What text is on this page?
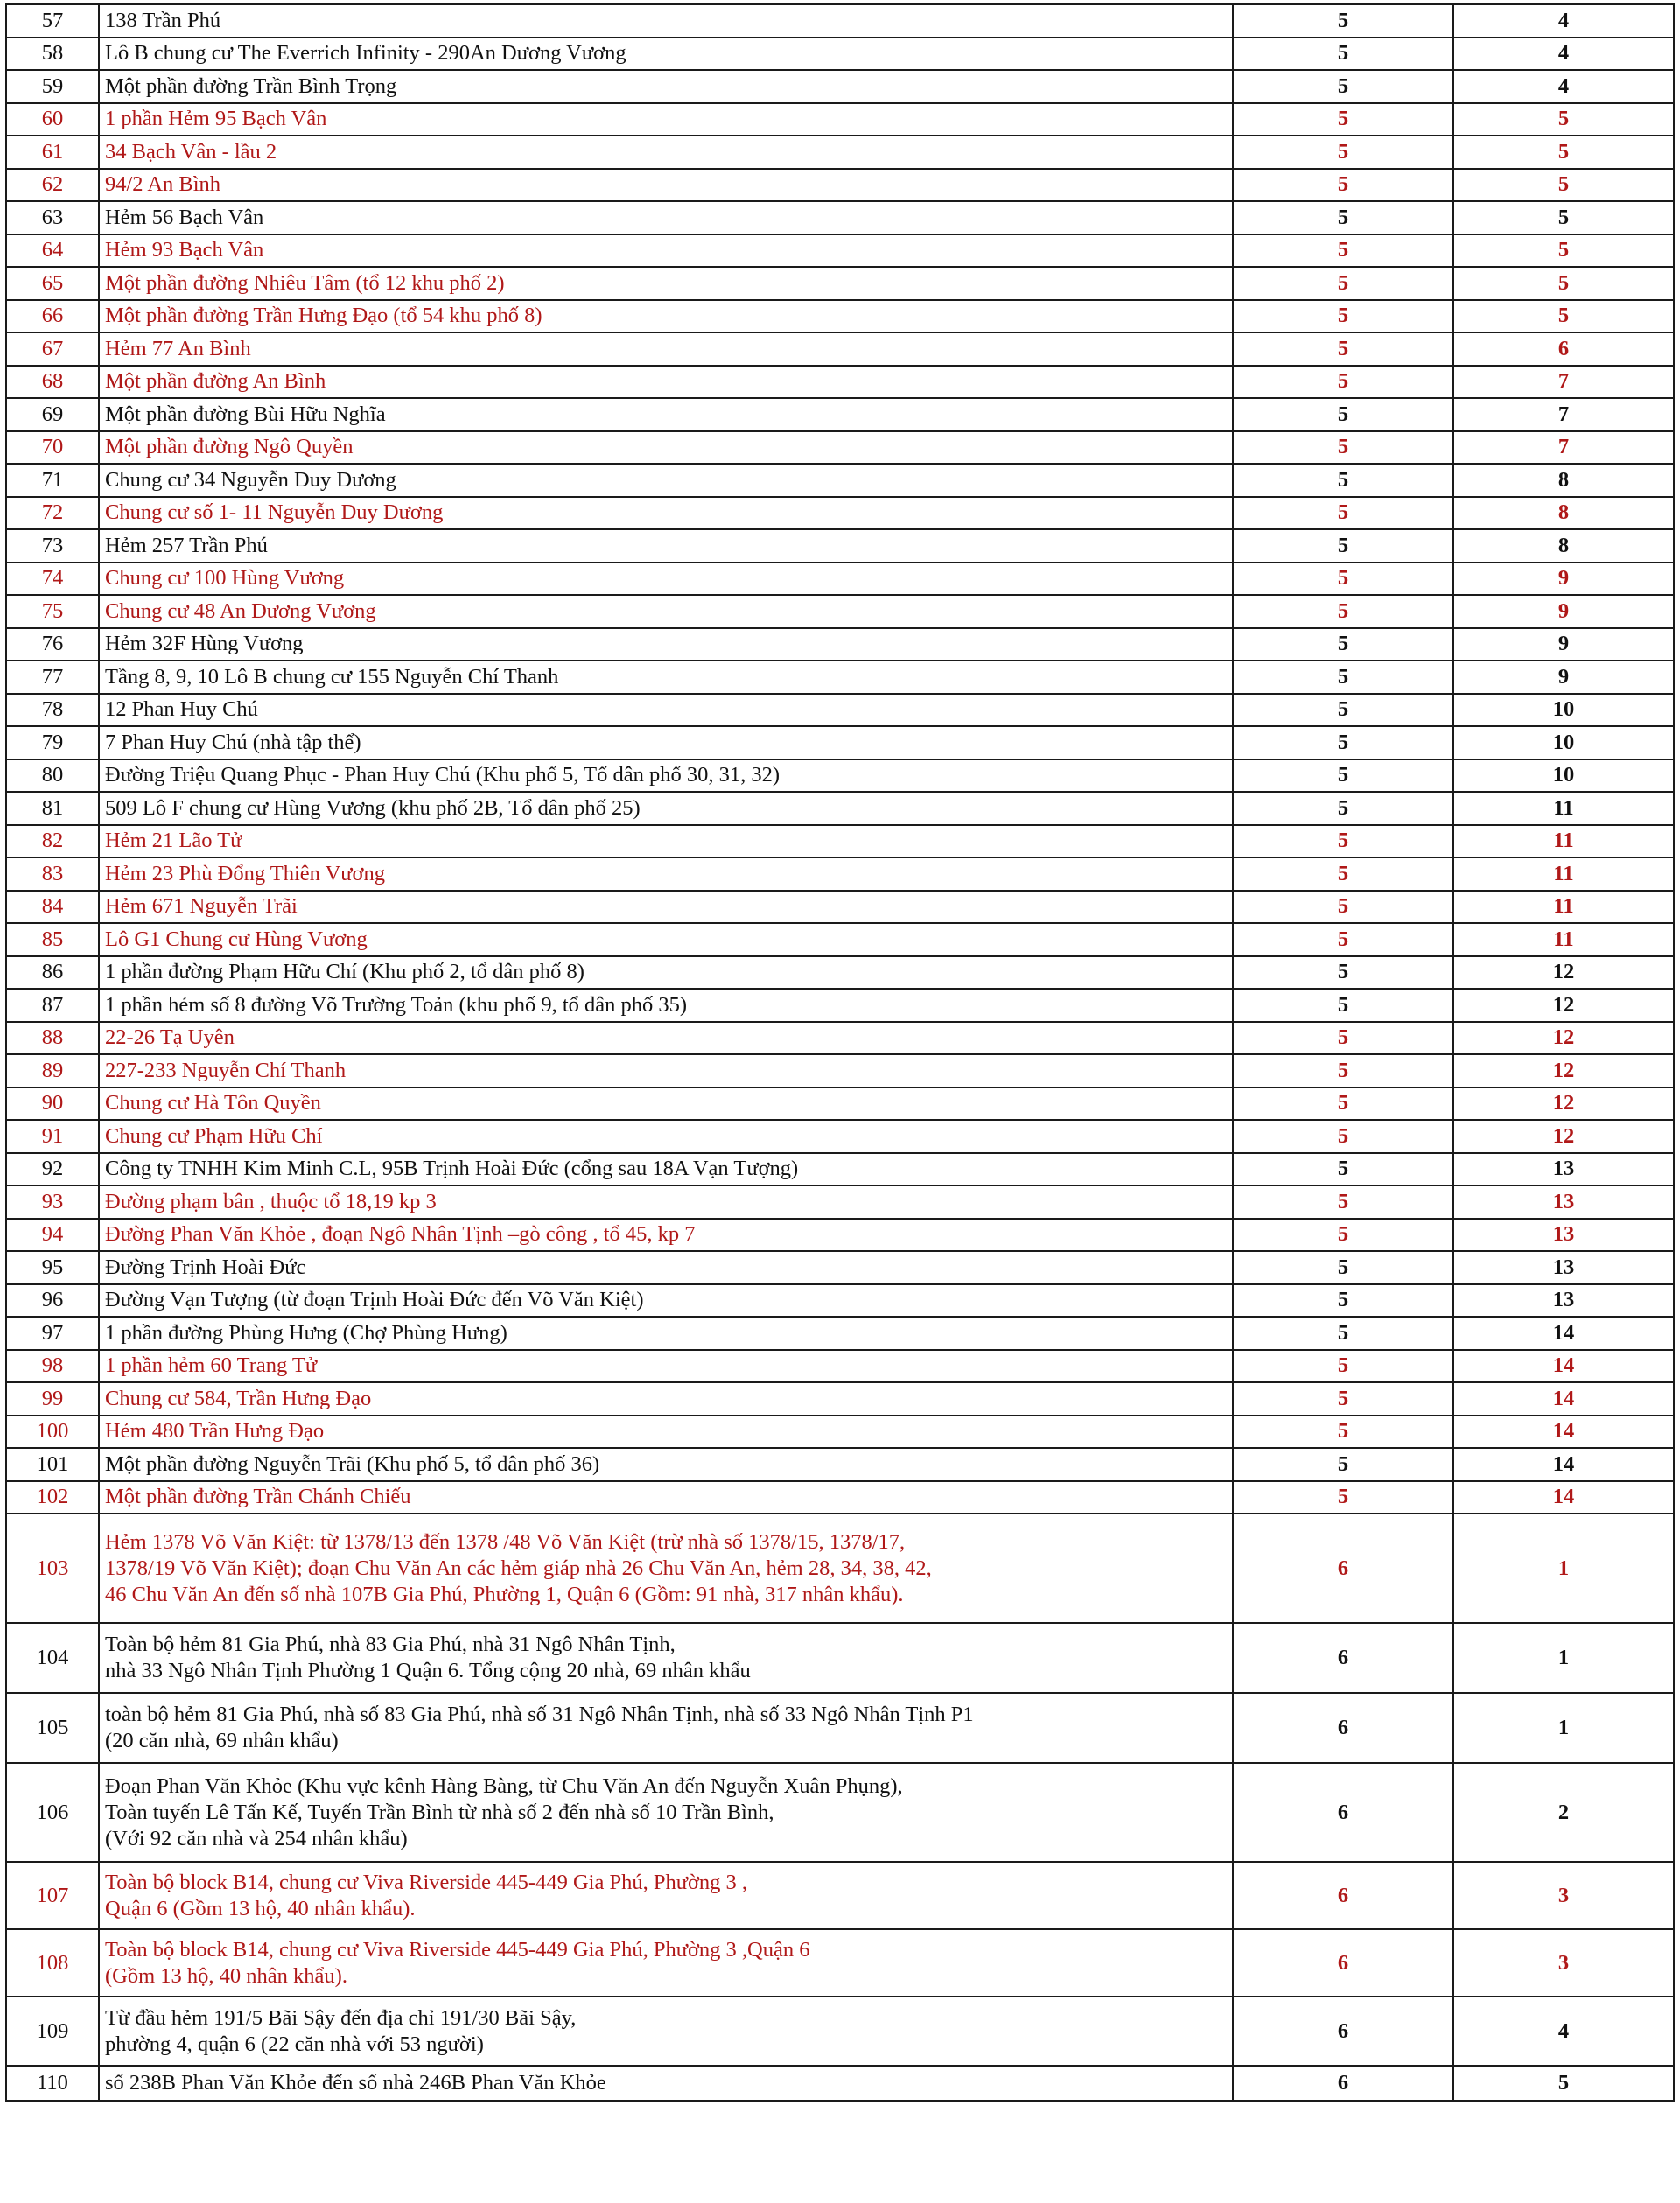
57	138 Trần Phú	5	4
58	Lô B chung cư The Everrich Infinity - 290An Dương Vương	5	4
59	Một phần đường Trần Bình Trọng	5	4
60	1 phần Hẻm 95 Bạch Vân	5	5
61	34 Bạch Vân - lầu 2	5	5
62	94/2 An Bình	5	5
63	Hẻm 56 Bạch Vân	5	5
64	Hẻm 93 Bạch Vân	5	5
65	Một phần đường Nhiêu Tâm (tổ 12 khu phố 2)	5	5
66	Một phần đường Trần Hưng Đạo (tổ 54 khu phố 8)	5	5
67	Hẻm 77 An Bình	5	6
68	Một phần đường An Bình	5	7
69	Một phần đường Bùi Hữu Nghĩa	5	7
70	Một phần đường Ngô Quyền	5	7
71	Chung cư 34 Nguyễn Duy Dương	5	8
72	Chung cư số 1- 11 Nguyễn Duy Dương	5	8
73	Hẻm 257 Trần Phú	5	8
74	Chung cư 100 Hùng Vương	5	9
75	Chung cư 48 An Dương Vương	5	9
76	Hẻm 32F Hùng Vương	5	9
77	Tầng 8, 9, 10 Lô B chung cư 155 Nguyễn Chí Thanh	5	9
78	12 Phan Huy Chú	5	10
79	7 Phan Huy Chú (nhà tập thể)	5	10
80	Đường Triệu Quang Phục - Phan Huy Chú (Khu phố 5, Tổ dân phố 30, 31, 32)	5	10
81	509 Lô F chung cư Hùng Vương (khu phố 2B, Tổ dân phố 25)	5	11
82	Hẻm 21 Lão Tử	5	11
83	Hẻm 23 Phù Đổng Thiên Vương	5	11
84	Hẻm 671 Nguyễn Trãi	5	11
85	Lô G1 Chung cư Hùng Vương	5	11
86	1 phần đường Phạm Hữu Chí (Khu phố 2, tổ dân phố 8)	5	12
87	1 phần hẻm số 8 đường Võ Trường Toản (khu phố 9, tổ dân phố 35)	5	12
88	22-26 Tạ Uyên	5	12
89	227-233 Nguyễn Chí Thanh	5	12
90	Chung cư Hà Tôn Quyền	5	12
91	Chung cư Phạm Hữu Chí	5	12
92	Công ty TNHH Kim Minh C.L, 95B Trịnh Hoài Đức (cổng sau 18A Vạn Tượng)	5	13
93	Đường phạm bân , thuộc tổ 18,19 kp 3	5	13
94	Đường Phan Văn Khỏe , đoạn Ngô Nhân Tịnh –gò công , tổ 45, kp 7	5	13
95	Đường Trịnh Hoài Đức	5	13
96	Đường Vạn Tượng (từ đoạn Trịnh Hoài Đức đến Võ Văn Kiệt)	5	13
97	1 phần đường Phùng Hưng (Chợ Phùng Hưng)	5	14
98	1 phần hẻm 60 Trang Tử	5	14
99	Chung cư 584, Trần Hưng Đạo	5	14
100	Hẻm 480 Trần Hưng Đạo	5	14
101	Một phần đường Nguyễn Trãi (Khu phố 5, tổ dân phố 36)	5	14
102	Một phần đường Trần Chánh Chiếu	5	14
103	Hẻm 1378 Võ Văn Kiệt: từ 1378/13 đến 1378 /48 Võ Văn Kiệt (trừ nhà số 1378/15, 1378/17,
1378/19 Võ Văn Kiệt); đoạn Chu Văn An các hẻm giáp nhà 26 Chu Văn An, hẻm 28, 34, 38, 42,
46 Chu Văn An đến số nhà 107B Gia Phú, Phường 1, Quận 6 (Gồm: 91 nhà, 317 nhân khẩu).	6	1
104	Toàn bộ hẻm 81 Gia Phú, nhà 83 Gia Phú, nhà 31 Ngô Nhân Tịnh,
nhà 33 Ngô Nhân Tịnh Phường 1 Quận 6. Tổng cộng 20 nhà, 69 nhân khẩu	6	1
105	toàn bộ hẻm 81 Gia Phú, nhà số 83 Gia Phú, nhà số 31 Ngô Nhân Tịnh, nhà số 33 Ngô Nhân Tịnh P1
(20 căn nhà, 69 nhân khẩu)	6	1
106	Đoạn Phan Văn Khỏe (Khu vực kênh Hàng Bàng, từ Chu Văn An đến Nguyễn Xuân Phụng),
Toàn tuyến Lê Tấn Kế, Tuyến Trần Bình từ nhà số 2 đến nhà số 10 Trần Bình,
(Với 92 căn nhà và 254 nhân khẩu)	6	2
107	Toàn bộ block B14, chung cư Viva Riverside 445-449 Gia Phú, Phường 3 ,
Quận 6 (Gồm 13 hộ, 40 nhân khẩu).	6	3
108	Toàn bộ block B14, chung cư Viva Riverside 445-449 Gia Phú, Phường 3 ,Quận 6
(Gồm 13 hộ, 40 nhân khẩu).	6	3
109	Từ đầu hẻm 191/5 Bãi Sậy đến địa chỉ 191/30 Bãi Sậy,
phường 4, quận 6 (22 căn nhà với 53 người)	6	4
110	số 238B Phan Văn Khỏe đến số nhà 246B Phan Văn Khỏe	6	5
